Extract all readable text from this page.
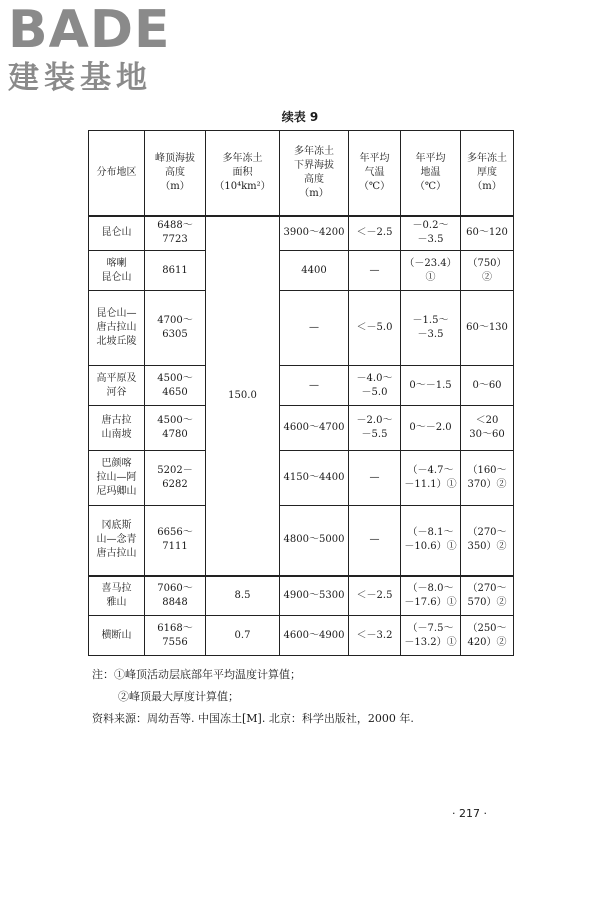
BADE
建装基地
续表 9
分布地区	峰顶海拔
高度
（m）	多年冻土
面积
（10⁴km²）	多年冻土
下界海拔
高度
（m）	年平均
气温
（℃）	年平均
地温
（℃）	多年冻土
厚度
（m）
昆仑山	6488～7723	150.0	3900～4200	＜－2.5	－0.2～
－3.5	60～120
喀喇
昆仑山	8611		4400	—	（－23.4）①	（750）②
昆仑山—
唐古拉山
北坡丘陵	4700～6305		—	＜－5.0	－1.5～
－3.5	60～130
高平原及
河谷	4500～4650		—	－4.0～
－5.0	0～－1.5	0～60
唐古拉
山南坡	4500～4780		4600～4700	－2.0～
－5.5	0～－2.0	＜20
30～60
巴颜喀
拉山—阿
尼玛卿山	5202－6282		4150～4400	—	（－4.7～
－11.1）①	（160～
370）②
冈底斯
山—念青
唐古拉山	6656～7111		4800～5000	—	（－8.1～
－10.6）①	（270～
350）②
喜马拉
雅山	7060～8848	8.5	4900～5300	＜－2.5	（－8.0～
－17.6）①	（270～
570）②
横断山	6168～7556	0.7	4600～4900	＜－3.2	（－7.5～
－13.2）①	（250～
420）②
注：①峰顶活动层底部年平均温度计算值；
②峰顶最大厚度计算值；
资料来源：周幼吾等. 中国冻土[M]. 北京：科学出版社，2000 年.
· 217 ·
